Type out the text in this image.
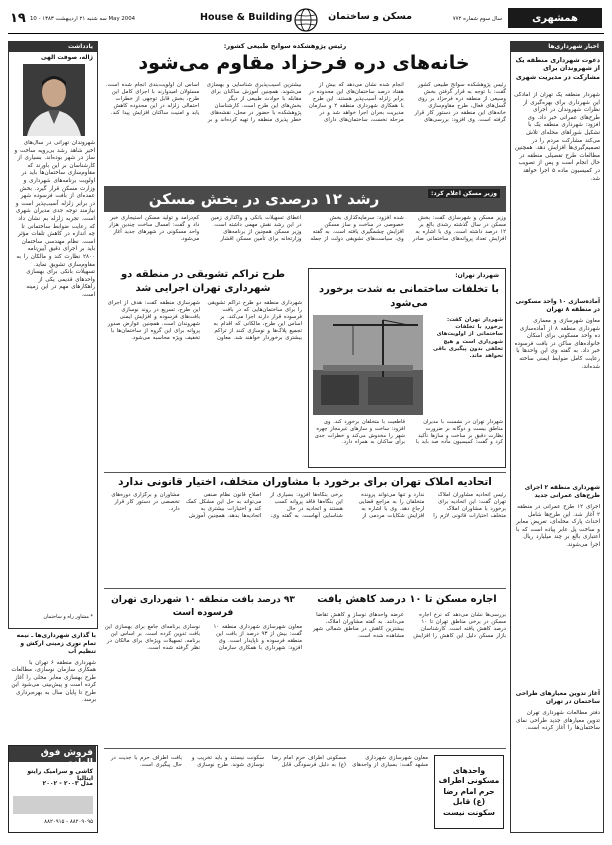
۱۹ سه شنبه ۲۱ اردیبهشت ۱۳۸۳ - 10 May 2004	House & Building	مسکن و ساختمان	سال سوم شماره ۷۷۲	همشهری
یادداشت
ژاله، صوفت الهی
شهروندان تهرانی در سال‌های اخیر شاهد رشد بی‌رویه ساخت و ساز در شهر بوده‌اند. بسیاری از کارشناسان بر این باورند که مقاوم‌سازی ساختمان‌ها باید در اولویت برنامه‌های شهرداری و وزارت مسکن قرار گیرد. بخش عمده‌ای از بافت فرسوده شهر در برابر زلزله آسیب‌پذیر است و نیازمند توجه جدی مدیران شهری است. تجربه زلزله بم نشان داد که رعایت ضوابط ساختمانی تا چه اندازه در کاهش تلفات مؤثر است. نظام مهندسی ساختمان باید بر اجرای دقیق آیین‌نامه ۲۸۰۰ نظارت کند و مالکان را به مقاوم‌سازی تشویق نماید. تسهیلات بانکی برای بهسازی واحدهای قدیمی یکی از راهکارهای مهم در این زمینه است.
* مشاور راه و ساختمان
با گذاری شهرداری‌ها ـ نیمه تمام نوری زمینی ارکش و تنظیم آب
شهرداری منطقه ۶ تهران با همکاری سازمان نوسازی، مطالعات طرح بهسازی معابر محلی را آغاز کرده است و پیش‌بینی می‌شود این طرح تا پایان سال به بهره‌برداری برسد.
فروش فوق العاده
کاشی و سرامیک رایتو ایتالیا
مدل ۲۰۰۳ - ۲۰۰۲
۸۸۲۰۹۰۹۵ - ۸۸۲۰۹۱۵
اخبار شهرداری‌ها
دعوت شهرداری منطقه یک از شهروندان برای مشارکت در مدیریت شهری
شهردار منطقه یک تهران از آمادگی این شهرداری برای بهره‌گیری از نظرات شهروندان در اجرای طرح‌های عمرانی خبر داد. وی افزود: شهرداری منطقه یک با تشکیل شوراهای محله‌ای تلاش می‌کند مشارکت مردم را در تصمیم‌گیری‌ها افزایش دهد. همچنین مطالعات طرح تفصیلی منطقه در حال انجام است و پس از تصویب در کمیسیون ماده ۵ اجرا خواهد شد.
آماده‌سازی ۱۰ واحد مسکونی در منطقه ۸ تهران
معاون شهرسازی و معماری شهرداری منطقه ۸ از آماده‌سازی ده واحد مسکونی برای اسکان خانواده‌های ساکن در بافت فرسوده خبر داد. به گفته وی این واحدها با رعایت کامل ضوابط ایمنی ساخته شده‌اند.
شهرداری منطقه ۲ اجرای طرح‌های عمرانی جدید
اجرای ۱۲ طرح عمرانی در منطقه ۲ آغاز شد. این طرح‌ها شامل احداث پارک محله‌ای، تعریض معابر و ساخت پل عابر پیاده است که با اعتباری بالغ بر چند میلیارد ریال اجرا می‌شوند.
آغاز تدوین معیارهای طراحی ساختمان در تهران
دفتر مطالعات شهرداری تهران تدوین معیارهای جدید طراحی نمای ساختمان‌ها را آغاز کرده است.
رئیس پژوهشکده سوانح طبیعی کشور:
خانه‌های دره فرحزاد مقاوم می‌شود
رئیس پژوهشکده سوانح طبیعی کشور گفت: با توجه به قرار گرفتن بخش وسیعی از منطقه دره فرحزاد بر روی گسل‌های فعال، طرح مقاوم‌سازی خانه‌های این منطقه در دستور کار قرار گرفته است. وی افزود: بررسی‌های انجام شده نشان می‌دهد که بیش از هفتاد درصد ساختمان‌های این محدوده در برابر زلزله آسیب‌پذیر هستند. این طرح با همکاری شهرداری منطقه ۲ و سازمان مدیریت بحران اجرا خواهد شد و در مرحله نخست، ساختمان‌های دارای بیشترین آسیب‌پذیری شناسایی و بهسازی می‌شوند. همچنین آموزش ساکنان برای مقابله با حوادث طبیعی از دیگر بخش‌های این طرح است. کارشناسان پژوهشکده با حضور در محل، نقشه‌های خطر پذیری منطقه را تهیه کرده‌اند و بر اساس آن اولویت‌بندی انجام شده است. مسئولان امیدوارند با اجرای کامل این طرح، بخش قابل توجهی از خطرات احتمالی زلزله در این محدوده کاهش یابد و امنیت ساکنان افزایش پیدا کند.
وزیر مسکن اعلام کرد:
رشد ۱۲ درصدی در بخش مسکن
وزیر مسکن و شهرسازی گفت: بخش مسکن در سال گذشته رشدی بالغ بر ۱۲ درصد داشته است. وی با اشاره به افزایش تعداد پروانه‌های ساختمانی صادر شده افزود: سرمایه‌گذاری بخش خصوصی در ساخت و ساز مسکن افزایش چشمگیری یافته است. به گفته وی، سیاست‌های تشویقی دولت از جمله اعطای تسهیلات بانکی و واگذاری زمین در این رشد نقش مهمی داشته است. وزیر مسکن همچنین از برنامه‌های وزارتخانه برای تأمین مسکن اقشار کم‌درآمد و تولید مسکن استیجاری خبر داد و گفت: امسال ساخت چندین هزار واحد مسکونی در شهرهای جدید آغاز می‌شود.
شهردار تهران:
با تخلفات ساختمانی به شدت برخورد می‌شود
شهردار تهران گفت: برخورد با تخلفات ساختمانی از اولویت‌های شهرداری است و هیچ تخلفی بدون پیگیری باقی نخواهد ماند.
شهردار تهران در نشست با مدیران مناطق بیست و دوگانه بر ضرورت نظارت دقیق بر ساخت و سازها تأکید کرد و گفت: کمیسیون ماده صد باید با قاطعیت با متخلفان برخورد کند. وی افزود: ساخت و سازهای غیرمجاز چهره شهر را مخدوش می‌کند و خطرات جدی برای ساکنان به همراه دارد.
طرح تراکم تشویقی در منطقه دو شهرداری تهران اجرایی شد
شهرداری منطقه دو طرح تراکم تشویقی را برای ساختمان‌هایی که در بافت فرسوده قرار دارند اجرا می‌کند. بر اساس این طرح، مالکانی که اقدام به تجمیع پلاک‌ها و نوسازی کنند از تراکم بیشتری برخوردار خواهند شد. معاون شهرسازی منطقه گفت: هدف از اجرای این طرح، تسریع در روند نوسازی بافت‌های فرسوده و افزایش ایمنی شهروندان است. همچنین عوارض صدور پروانه برای این گروه از ساختمان‌ها با تخفیف ویژه محاسبه می‌شود.
اتحادیه املاک تهران برای برخورد با مشاوران متخلف، اختیار قانونی ندارد
رئیس اتحادیه مشاوران املاک تهران گفت: این اتحادیه برای برخورد با مشاوران املاک متخلف اختیارات قانونی لازم را ندارد و تنها می‌تواند پرونده متخلفان را به مراجع قضایی ارجاع دهد. وی با اشاره به افزایش شکایات مردمی از برخی بنگاه‌ها افزود: بسیاری از این بنگاه‌ها فاقد پروانه کسب هستند و اتحادیه در حال شناسایی آنهاست. به گفته وی، اصلاح قانون نظام صنفی می‌تواند به حل این مشکل کمک کند و اختیارات بیشتری به اتحادیه‌ها بدهد. همچنین آموزش مشاوران و برگزاری دوره‌های تخصصی در دستور کار قرار دارد.
اجاره مسکن تا ۱۰ درصد کاهش یافت
بررسی‌ها نشان می‌دهد که نرخ اجاره مسکن در برخی مناطق تهران تا ۱۰ درصد کاهش یافته است. کارشناسان بازار مسکن دلیل این کاهش را افزایش عرضه واحدهای نوساز و کاهش تقاضا می‌دانند. به گفته مشاوران املاک، بیشترین کاهش در مناطق شمالی شهر مشاهده شده است.
۹۳ درصد بافت منطقه ۱۰ شهرداری تهران فرسوده است
معاون شهرسازی شهرداری منطقه ۱۰ گفت: بیش از ۹۳ درصد از بافت این منطقه فرسوده و ناپایدار است. وی افزود: شهرداری با همکاری سازمان نوسازی برنامه‌ای جامع برای بهسازی این بافت تدوین کرده است. بر اساس این برنامه، تسهیلات ویژه‌ای برای مالکان در نظر گرفته شده است.
واحدهای مسکونی اطراف حرم امام رضا (ع) قابل سکونت نیست
معاون شهرسازی شهرداری مشهد گفت: بسیاری از واحدهای مسکونی اطراف حرم امام رضا (ع) به دلیل فرسودگی قابل سکونت نیستند و باید تخریب و نوسازی شوند. طرح نوسازی بافت اطراف حرم با جدیت در حال پیگیری است.
